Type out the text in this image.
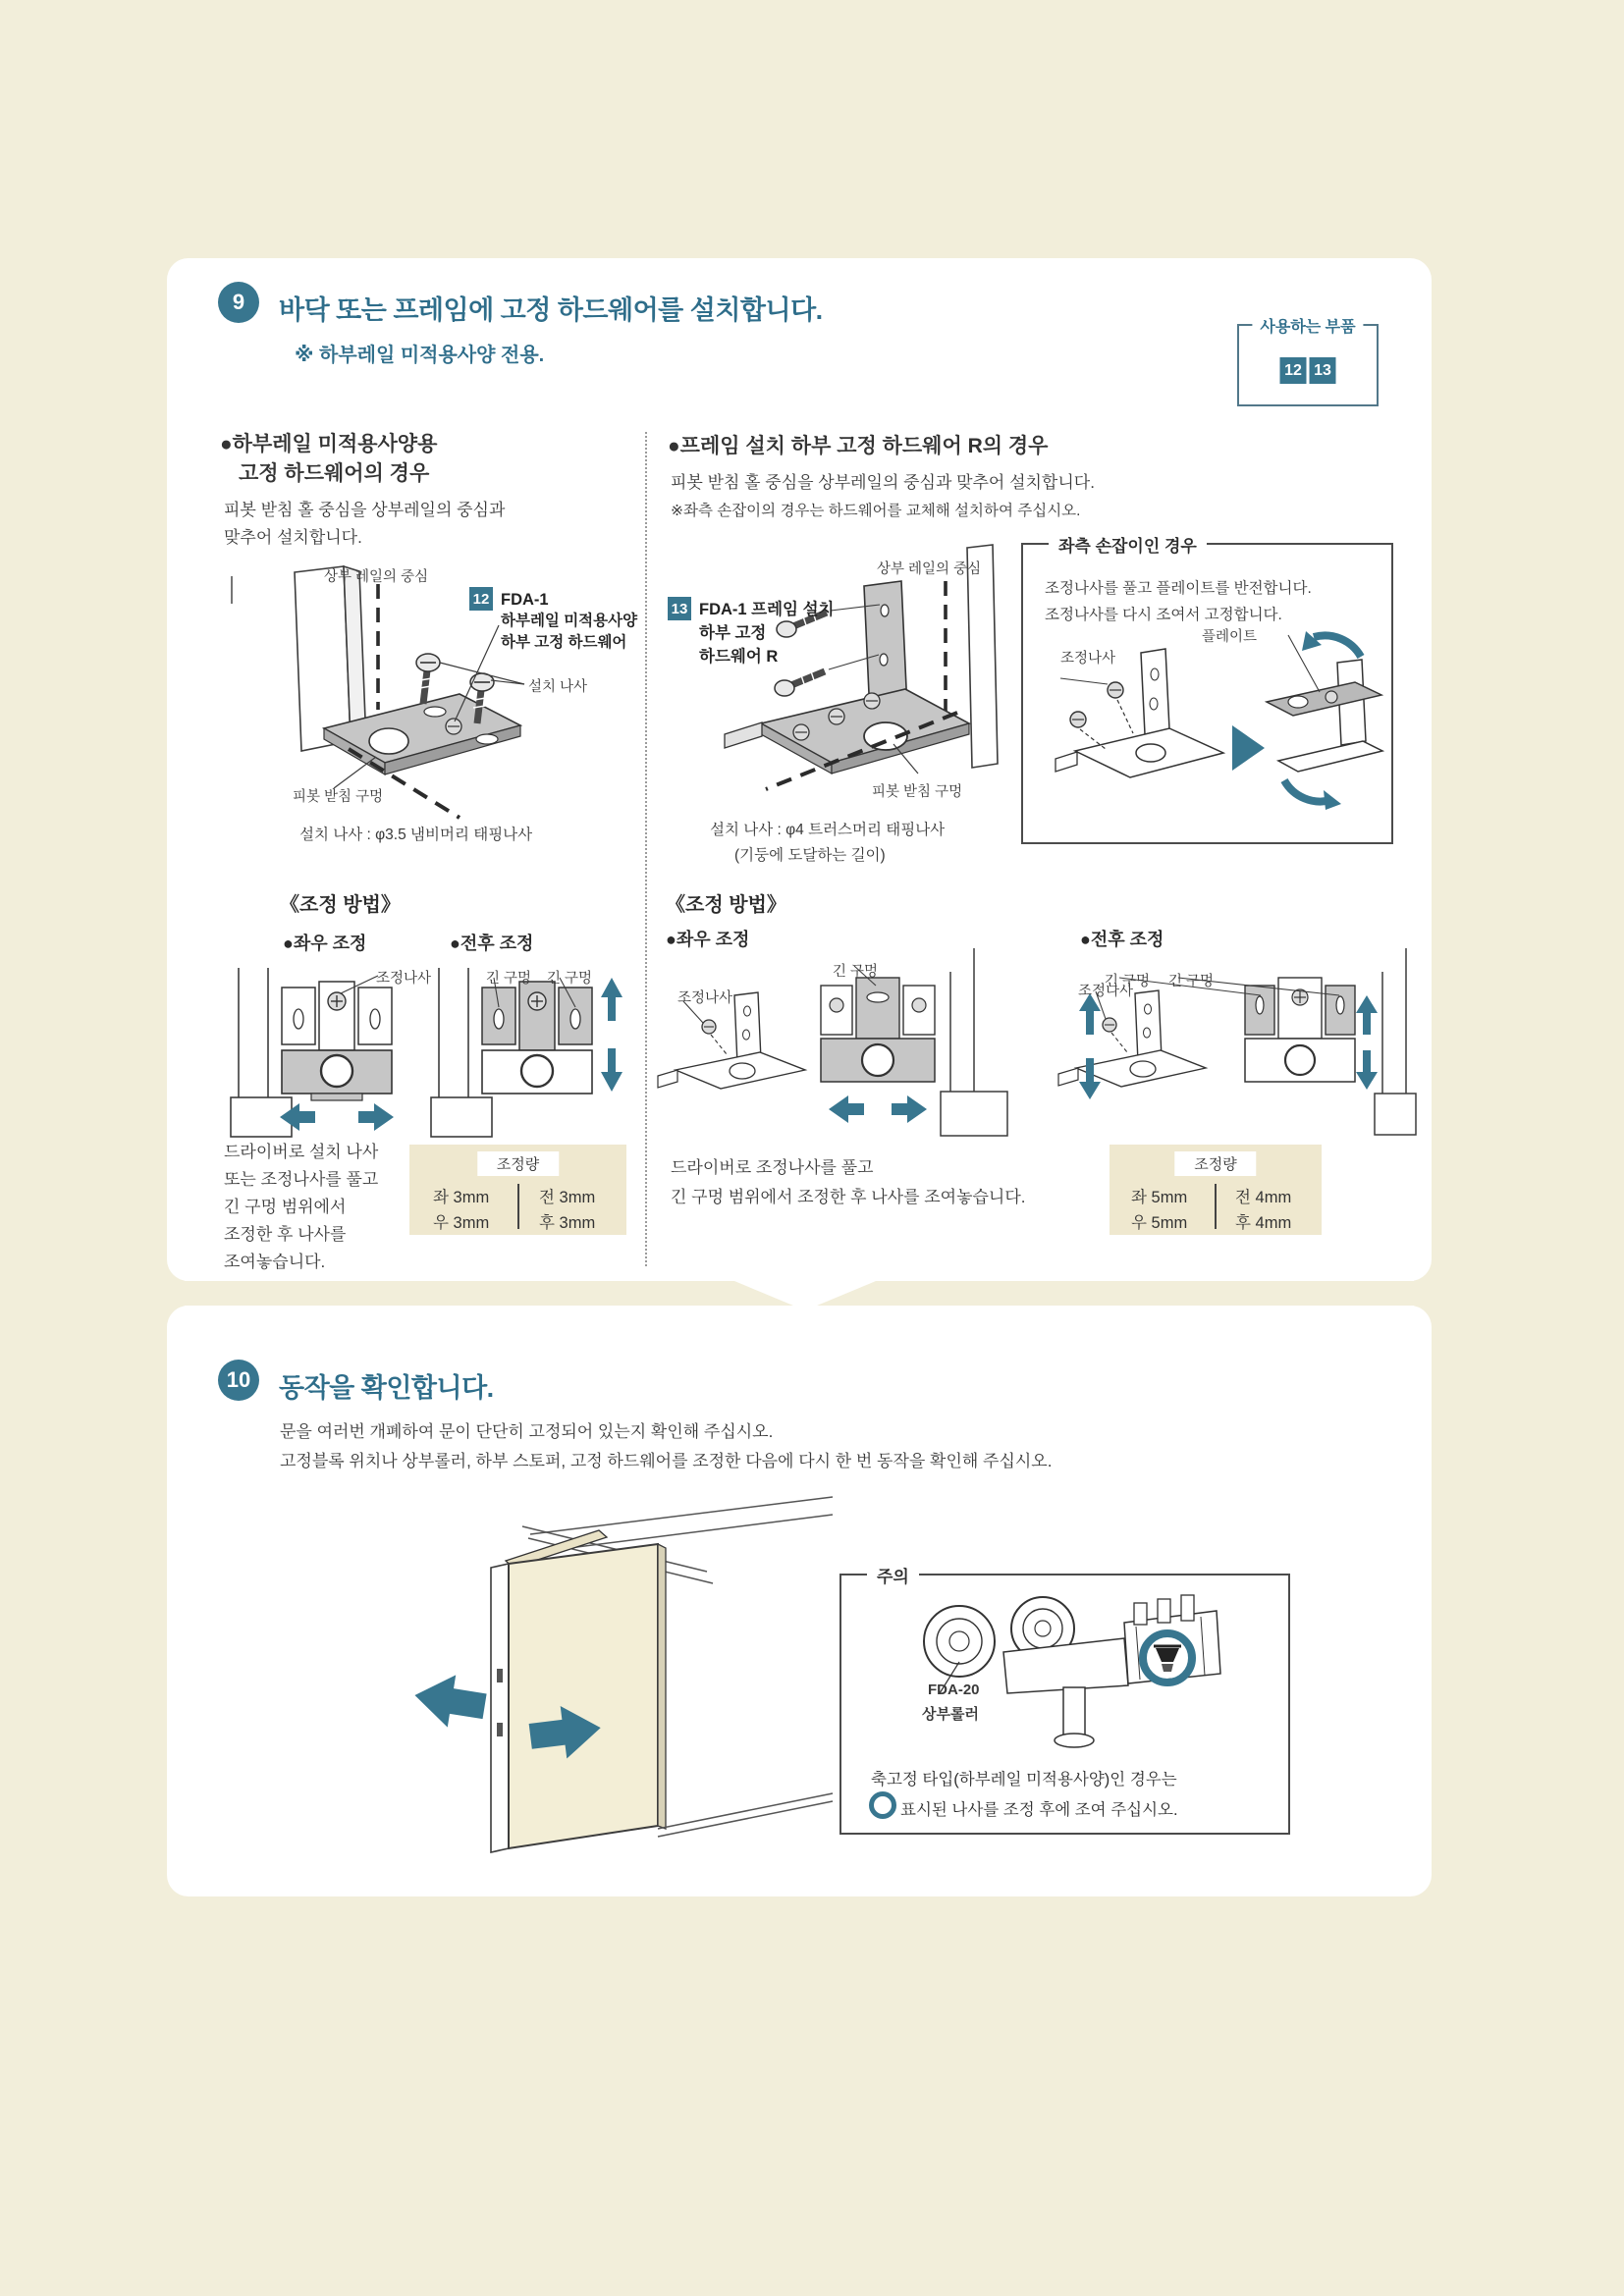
9 바닥 또는 프레임에 고정 하드웨어를 설치합니다.
※ 하부레일 미적용사양 전용.
사용하는 부품
12 13
●하부레일 미적용사양용
고정 하드웨어의 경우
피봇 받침 홀 중심을 상부레일의 중심과
맞추어 설치합니다.
상부 레일의 중심
12 FDA-1
하부레일 미적용사양
하부 고정 하드웨어
설치 나사
피봇 받침 구멍
설치 나사 : φ3.5 냄비머리 태핑나사
《조정 방법》
●좌우 조정	●전후 조정
조정나사	긴 구멍 긴 구멍
드라이버로 설치 나사
또는 조정나사를 풀고
긴 구멍 범위에서
조정한 후 나사를
조여놓습니다.
조정량
좌 3mm	전 3mm
우 3mm	후 3mm
●프레임 설치 하부 고정 하드웨어 R의 경우
피봇 받침 홀 중심을 상부레일의 중심과 맞추어 설치합니다.
※좌측 손잡이의 경우는 하드웨어를 교체해 설치하여 주십시오.
상부 레일의 중심
13 FDA-1 프레임 설치
하부 고정
하드웨어 R
피봇 받침 구멍
설치 나사 : φ4 트러스머리 태핑나사
(기둥에 도달하는 길이)
좌측 손잡이인 경우
조정나사를 풀고 플레이트를 반전합니다.
조정나사를 다시 조여서 고정합니다.
조정나사
플레이트
《조정 방법》
●좌우 조정	●전후 조정
조정나사
긴 구멍
조정나사
긴 구멍 긴 구멍
드라이버로 조정나사를 풀고
긴 구멍 범위에서 조정한 후 나사를 조여놓습니다.
조정량
좌 5mm	전 4mm
우 5mm	후 4mm
10 동작을 확인합니다.
문을 여러번 개폐하여 문이 단단히 고정되어 있는지 확인해 주십시오.
고정블록 위치나 상부롤러, 하부 스토퍼, 고정 하드웨어를 조정한 다음에 다시 한 번 동작을 확인해 주십시오.
주의
FDA-20
상부롤러
축고정 타입(하부레일 미적용사양)인 경우는
표시된 나사를 조정 후에 조여 주십시오.
